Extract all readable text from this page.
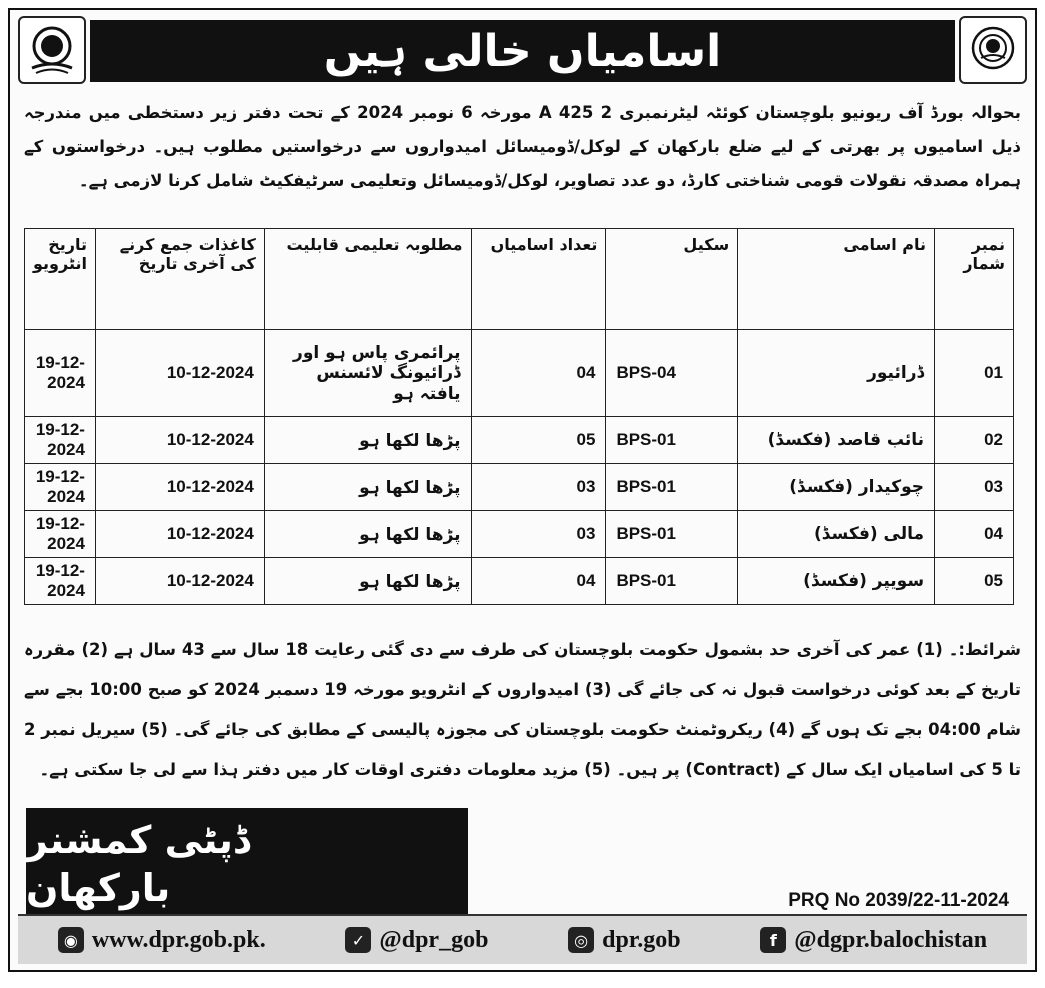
اسامیاں خالی ہیں
بحوالہ بورڈ آف ریونیو بلوچستان کوئٹہ لیٹرنمبری 2 A 425 مورخہ 6 نومبر 2024 کے تحت دفتر زیر دستخطی میں مندرجہ ذیل اسامیوں پر بھرتی کے لیے ضلع بارکھان کے لوکل/ڈومیسائل امیدواروں سے درخواستیں مطلوب ہیں۔ درخواستوں کے ہمراہ مصدقہ نقولات قومی شناختی کارڈ، دو عدد تصاویر، لوکل/ڈومیسائل وتعلیمی سرٹیفکیٹ شامل کرنا لازمی ہے۔
نمبر شمار	نام اسامی	سکیل	تعداد اسامیاں	مطلوبہ تعلیمی قابلیت	کاغذات جمع کرنے کی آخری تاریخ	تاریخ انٹرویو
01	ڈرائیور	BPS-04	04	پرائمری پاس ہو اور ڈرائیونگ لائسنس یافتہ ہو	10-12-2024	19-12-2024
02	نائب قاصد (فکسڈ)	BPS-01	05	پڑھا لکھا ہو	10-12-2024	19-12-2024
03	چوکیدار (فکسڈ)	BPS-01	03	پڑھا لکھا ہو	10-12-2024	19-12-2024
04	مالی (فکسڈ)	BPS-01	03	پڑھا لکھا ہو	10-12-2024	19-12-2024
05	سویپر (فکسڈ)	BPS-01	04	پڑھا لکھا ہو	10-12-2024	19-12-2024
شرائط:۔ (1) عمر کی آخری حد بشمول حکومت بلوچستان کی طرف سے دی گئی رعایت 18 سال سے 43 سال ہے (2) مقررہ تاریخ کے بعد کوئی درخواست قبول نہ کی جائے گی (3) امیدواروں کے انٹرویو مورخہ 19 دسمبر 2024 کو صبح 10:00 بجے سے شام 04:00 بجے تک ہوں گے (4) ریکروٹمنٹ حکومت بلوچستان کی مجوزہ پالیسی کے مطابق کی جائے گی۔ (5) سیریل نمبر 2 تا 5 کی اسامیاں ایک سال کے (Contract) پر ہیں۔ (5) مزید معلومات دفتری اوقات کار میں دفتر ہذا سے لی جا سکتی ہے۔
ڈپٹی کمشنر
بارکھان	PRQ No 2039/22-11-2024
◉ www.dpr.gob.pk.	✓ @dpr_gob	◎ dpr.gob	f @dgpr.balochistan
